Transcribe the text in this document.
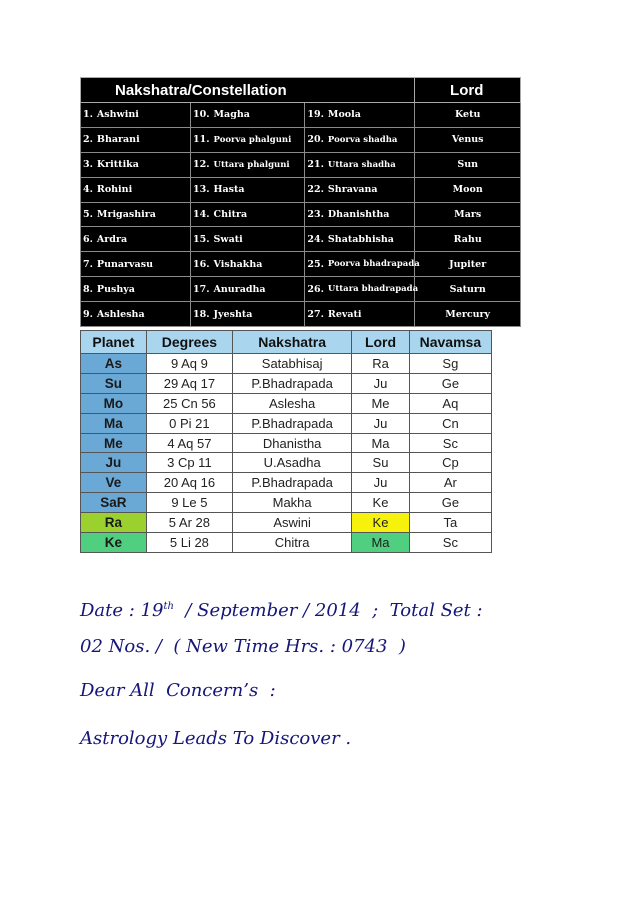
Nakshatra/Constellation			Lord
1. Ashwini	10. Magha	19. Moola	Ketu
2. Bharani	11. Poorva phalguni	20. Poorva shadha	Venus
3. Krittika	12. Uttara phalguni	21. Uttara shadha	Sun
4. Rohini	13. Hasta	22. Shravana	Moon
5. Mrigashira	14. Chitra	23. Dhanishtha	Mars
6. Ardra	15. Swati	24. Shatabhisha	Rahu
7. Punarvasu	16. Vishakha	25. Poorva bhadrapada	Jupiter
8. Pushya	17. Anuradha	26. Uttara bhadrapada	Saturn
9. Ashlesha	18. Jyeshta	27. Revati	Mercury
Planet	Degrees	Nakshatra	Lord	Navamsa
As	9 Aq 9	Satabhisaj	Ra	Sg
Su	29 Aq 17	P.Bhadrapada	Ju	Ge
Mo	25 Cn 56	Aslesha	Me	Aq
Ma	0 Pi 21	P.Bhadrapada	Ju	Cn
Me	4 Aq 57	Dhanistha	Ma	Sc
Ju	3 Cp 11	U.Asadha	Su	Cp
Ve	20 Aq 16	P.Bhadrapada	Ju	Ar
SaR	9 Le 5	Makha	Ke	Ge
Ra	5 Ar 28	Aswini	Ke	Ta
Ke	5 Li 28	Chitra	Ma	Sc
Date : 19th  / September / 2014  ;  Total Set :
02 Nos. /  ( New Time Hrs. : 0743  )
Dear All  Concern’s  :
Astrology Leads To Discover .
